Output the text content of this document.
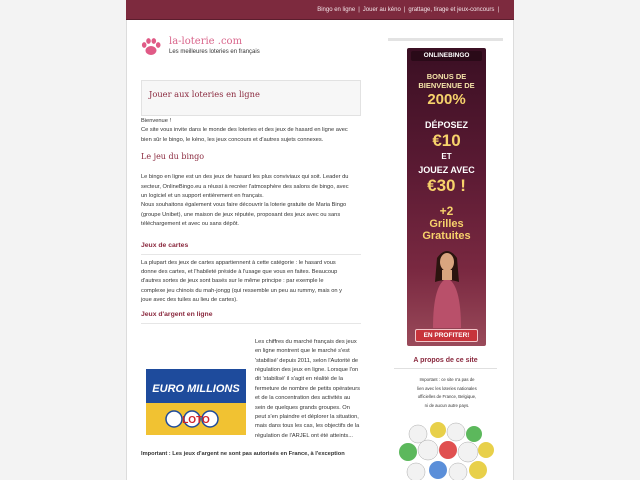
Bingo en ligne | Jouer au kéno | grattage, tirage et jeux-concours |
la-loterie .com
Les meilleures loteries en français
Jouer aux loteries en ligne
Bienvenue !
Ce site vous invite dans le monde des loteries et des jeux de hasard en ligne avec
bien sûr le bingo, le kéno, les jeux concours et d'autres sujets connexes.
Le jeu du bingo
Le bingo en ligne est un des jeux de hasard les plus conviviaux qui soit. Leader du
secteur, OnlineBingo.eu a réussi à recréer l'atmosphère des salons de bingo, avec
un logiciel et un support entièrement en français.
Nous souhaitons également vous faire découvrir la loterie gratuite de Maria Bingo
(groupe Unibet), une maison de jeux réputée, proposant des jeux avec ou sans
téléchargement et avec ou sans dépôt.
Jeux de cartes
La plupart des jeux de cartes appartiennent à cette catégorie : le hasard vous
donne des cartes, et l'habileté préside à l'usage que vous en faites. Beaucoup
d'autres sortes de jeux sont basés sur le même principe : par exemple le
complexe jeu chinois du mah-jongg (qui ressemble un peu au rummy, mais on y
joue avec des tuiles au lieu de cartes).
Jeux d'argent en ligne
Les chiffres du marché français des jeux
en ligne montrent que le marché s'est
'stabilisé' depuis 2011, selon l'Autorité de
régulation des jeux en ligne. Lorsque l'on
dit 'stabilisé' il s'agit en réalité de la
fermeture de nombre de petits opérateurs
et de la concentration des activités au
sein de quelques grands groupes. On
peut s'en plaindre et déplorer la situation,
mais dans tous les cas, les objectifs de la
régulation de l'ARJEL ont été atteints...
Important : Les jeux d'argent ne sont pas autorisés en France, à l'exception
EURO MILLIONS
LOTO
ONLINEBINGO
BONUS DE
BIENVENUE DE
200%
DÉPOSEZ
€10
ET
JOUEZ AVEC
€30 !
+2
Grilles
Gratuites
EN PROFITER!
A propos de ce site
Important : ce site n'a pas de
lien avec les loteries nationales
officielles de France, Belgique,
ni de aucun autre pays.
